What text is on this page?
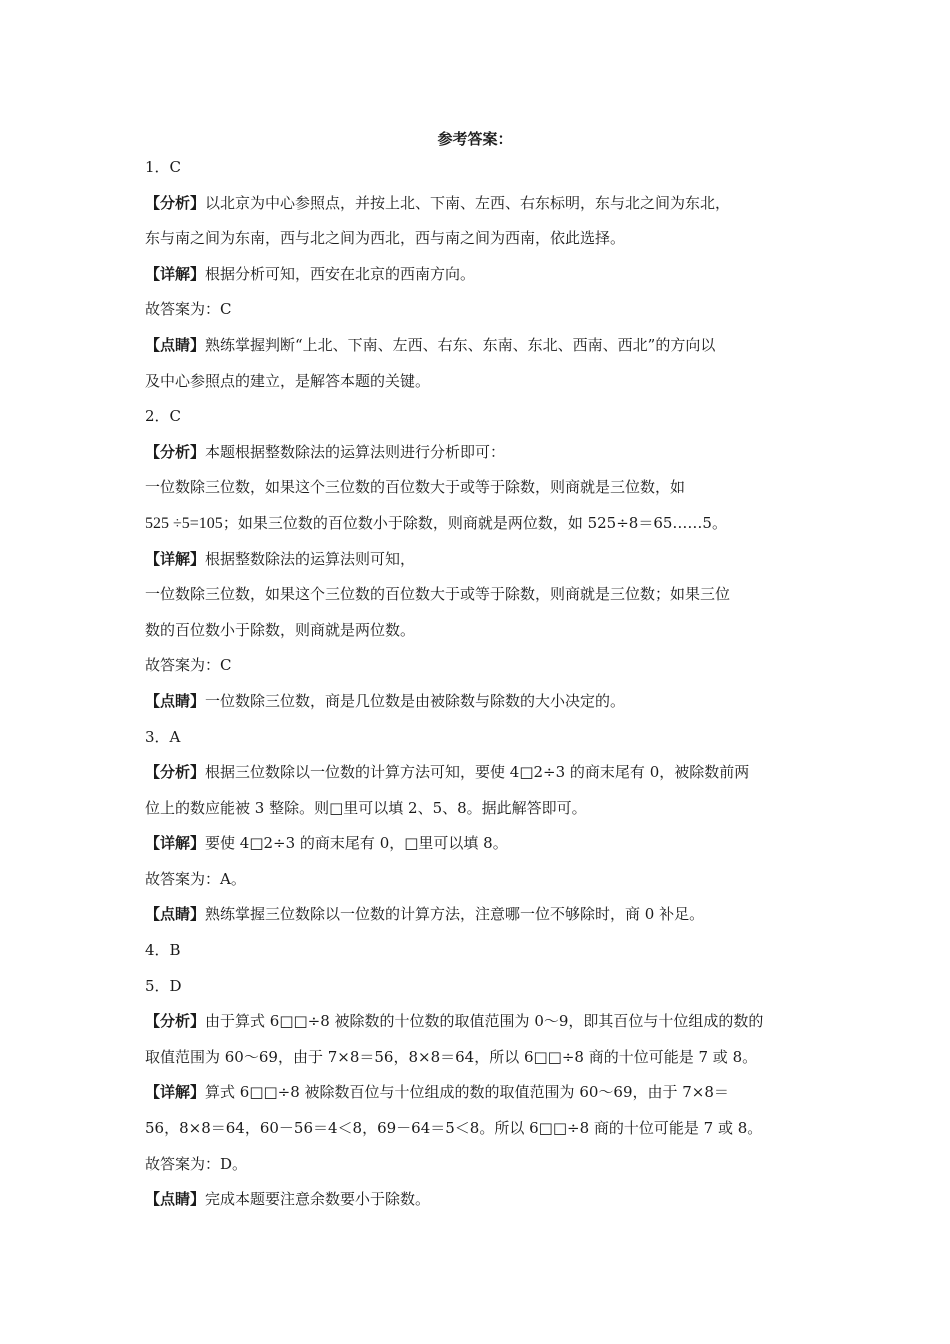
参考答案：
1．C
【分析】以北京为中心参照点，并按上北、下南、左西、右东标明，东与北之间为东北，
东与南之间为东南，西与北之间为西北，西与南之间为西南，依此选择。
【详解】根据分析可知，西安在北京的西南方向。
故答案为：C
【点睛】熟练掌握判断“上北、下南、左西、右东、东南、东北、西南、西北”的方向以
及中心参照点的建立，是解答本题的关键。
2．C
【分析】本题根据整数除法的运算法则进行分析即可：
一位数除三位数，如果这个三位数的百位数大于或等于除数，则商就是三位数，如
525 ÷5=105；如果三位数的百位数小于除数，则商就是两位数，如 525÷8＝65……5。
【详解】根据整数除法的运算法则可知，
一位数除三位数，如果这个三位数的百位数大于或等于除数，则商就是三位数；如果三位
数的百位数小于除数，则商就是两位数。
故答案为：C
【点睛】一位数除三位数，商是几位数是由被除数与除数的大小决定的。
3．A
【分析】根据三位数除以一位数的计算方法可知，要使 4□2÷3 的商末尾有 0，被除数前两
位上的数应能被 3 整除。则□里可以填 2、5、8。据此解答即可。
【详解】要使 4□2÷3 的商末尾有 0，□里可以填 8。
故答案为：A。
【点睛】熟练掌握三位数除以一位数的计算方法，注意哪一位不够除时，商 0 补足。
4．B
5．D
【分析】由于算式 6□□÷8 被除数的十位数的取值范围为 0～9，即其百位与十位组成的数的
取值范围为 60～69，由于 7×8＝56，8×8＝64，所以 6□□÷8 商的十位可能是 7 或 8。
【详解】算式 6□□÷8 被除数百位与十位组成的数的取值范围为 60～69，由于 7×8＝
56，8×8＝64，60－56＝4＜8，69－64＝5＜8。所以 6□□÷8 商的十位可能是 7 或 8。
故答案为：D。
【点睛】完成本题要注意余数要小于除数。
